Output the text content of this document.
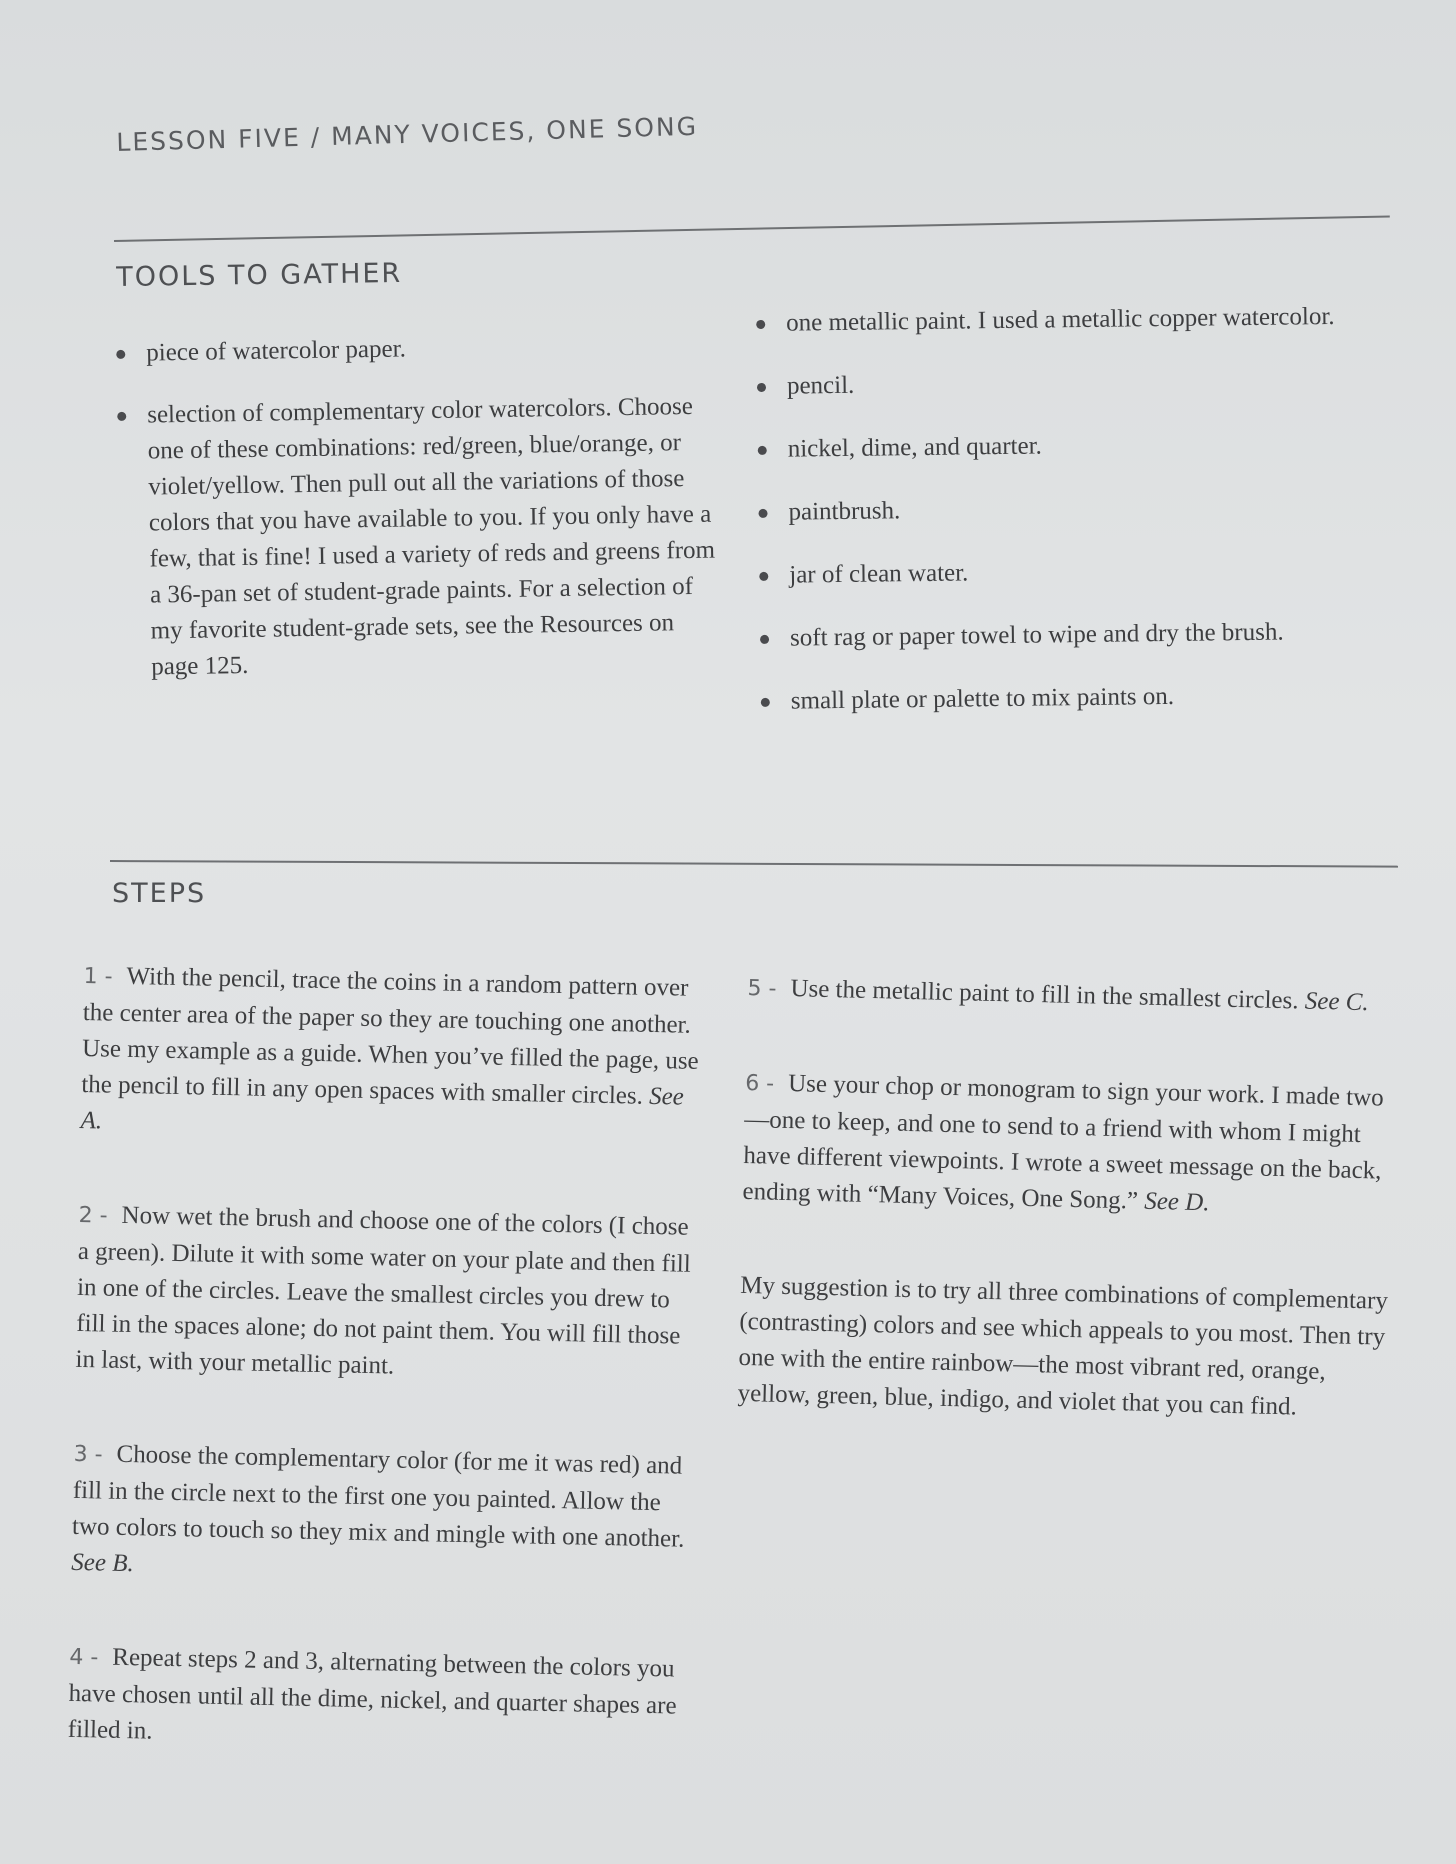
LESSON FIVE / MANY VOICES, ONE SONG
TOOLS TO GATHER
piece of watercolor paper.
selection of complementary color watercolors. Choose one of these combinations: red/green, blue/orange, or violet/yellow. Then pull out all the variations of those colors that you have available to you. If you only have a few, that is fine! I used a variety of reds and greens from a 36-pan set of student-grade paints. For a selection of my favorite student-grade sets, see the Resources on page 125.
one metallic paint. I used a metallic copper watercolor.
pencil.
nickel, dime, and quarter.
paintbrush.
jar of clean water.
soft rag or paper towel to wipe and dry the brush.
small plate or palette to mix paints on.
STEPS

1 - With the pencil, trace the coins in a random pattern over the center area of the paper so they are touching one another. Use my example as a guide. When you’ve filled the page, use the pencil to fill in any open spaces with smaller circles. See A.

2 - Now wet the brush and choose one of the colors (I chose a green). Dilute it with some water on your plate and then fill in one of the circles. Leave the smallest circles you drew to fill in the spaces alone; do not paint them. You will fill those in last, with your metallic paint.

3 - Choose the complementary color (for me it was red) and fill in the circle next to the first one you painted. Allow the two colors to touch so they mix and mingle with one another. See B.

4 - Repeat steps 2 and 3, alternating between the colors you have chosen until all the dime, nickel, and quarter shapes are filled in.

5 - Use the metallic paint to fill in the smallest circles. See C.

6 - Use your chop or monogram to sign your work. I made two—one to keep, and one to send to a friend with whom I might have different viewpoints. I wrote a sweet message on the back, ending with “Many Voices, One Song.” See D.

My suggestion is to try all three combinations of complementary (contrasting) colors and see which appeals to you most. Then try one with the entire rainbow—the most vibrant red, orange, yellow, green, blue, indigo, and violet that you can find.
